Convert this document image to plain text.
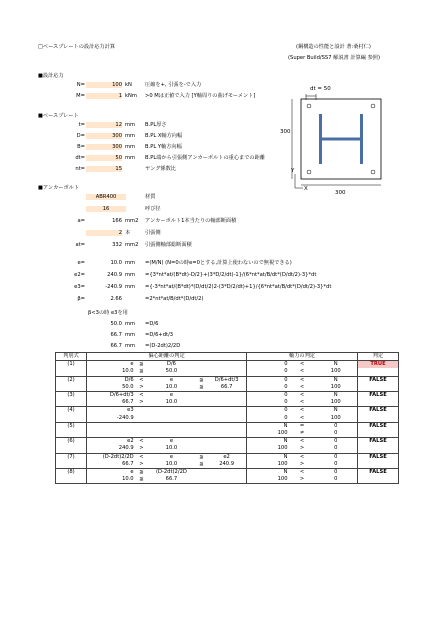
□ベースプレートの設計応力計算	(鋼構造の性能と設計 著:桑村仁)
(Super Build/SS7 解説書 計算編 参照)
■設計応力
N=	100 kN	圧縮を+, 引張を-で入力
M=	1 kNm >0 Mは正値で入力 [Y軸周りの曲げモーメント]
■ベースプレート
t=	12 mm B.PL厚さ
D=	300 mm B.PL X軸方向幅
B=	300 mm B.PL Y軸方向幅
dt=	50 mm B.PL端から引張側アンカーボルトの重心までの距離
nt=	15	ヤング係数比
dt = 50
300
300
Y
X
■アンカーボルト
ABR400	材質
16	呼び径
a=	166 mm2 アンカーボルト1本当たりの軸部断面積
2 本	引張側
at=	332 mm2 引張側軸部総断面積
e=	10.0 mm =(M/N) (N=0の時e=0とする,計算上使わないので無視できる)
e2=	240.9 mm ={3*nt*at/(B*dt)-D/2}+(3*D/2/dt)-1}/(6*nt*at/B/dt*(D/dt/2)-3}*dt
e3=	-240.9 mm ={-3*nt*at/(B*dt)*(D/dt/2)2-(3*D/2/dt)+1}/{6*nt*at/B/dt*(D/dt/2)-3}*dt
β=	2.66	=2*nt*at/B/dt*(D/dt/2)
β<3の時 e3を用
50.0 mm =D/6
66.7 mm =D/6+dt/3
66.7 mm =(D-2dt)2/2D
判別式	偏心距離の判定					軸力の判定			判定
(1)	e	≦	D/6			0	<	N	TRUE
	10.0	≦	50.0			0	<	100	
(2)	D/6	<	e	≦	D/6+dt/3	0	<	N	FALSE
	50.0	>	10.0	≦	66.7	0	<	100	
(3)	D/6+dt/3	<	e			0	<	N	FALSE
	66.7	>	10.0			0	<	100	
(4)	e3					0	<	N	FALSE
	-240.9					0	<	100	
(5)						N	=	0	FALSE
						100	≠	0	
(6)	e2	<	e			N	<	0	FALSE
	240.9	>	10.0			100	>	0	
(7)	(D-2dt)2/2D	<	e	≦	e2	N	<	0	FALSE
	66.7	>	10.0	≦	240.9	100	>	0	
(8)	e	≦	(D-2dt)2/2D			N	<	0	FALSE
	10.0	≦	66.7			100	>	0	
